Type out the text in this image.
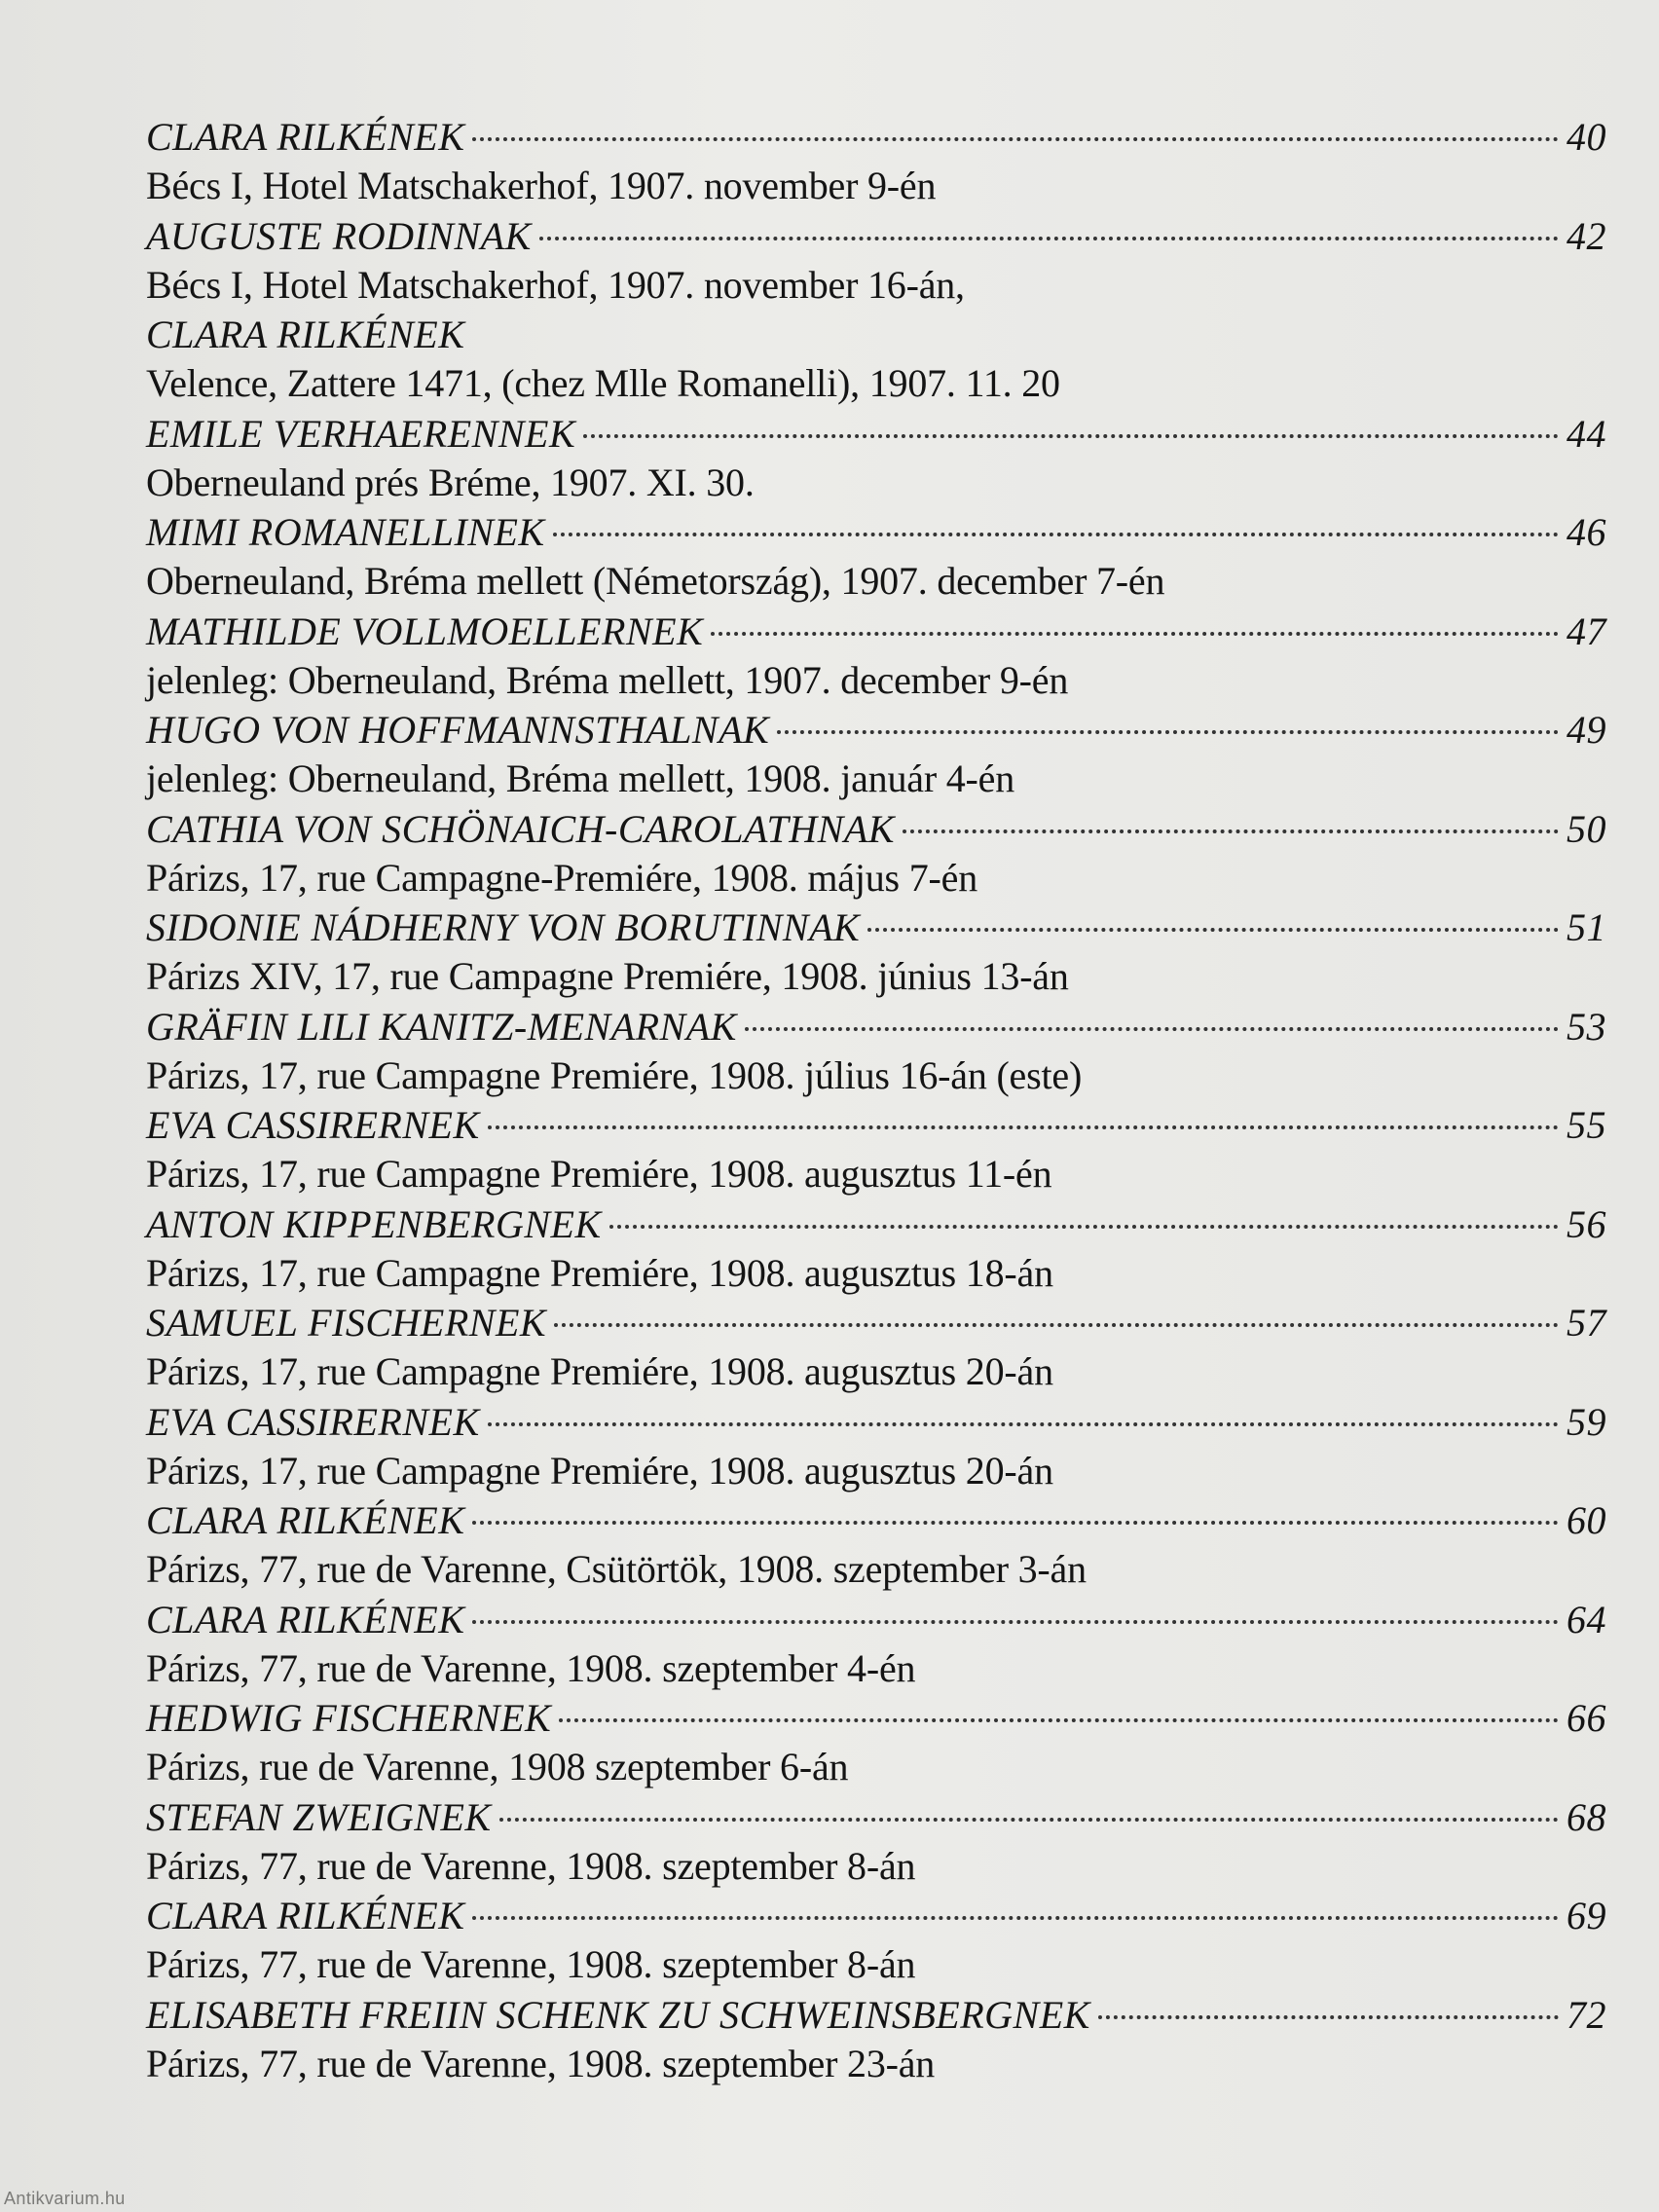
CLARA RILKÉNEK	40
Bécs I, Hotel Matschakerhof, 1907. november 9-én
AUGUSTE RODINNAK	42
Bécs I, Hotel Matschakerhof, 1907. november 16-án,
CLARA RILKÉNEK
Velence, Zattere 1471, (chez Mlle Romanelli), 1907. 11. 20
EMILE VERHAERENNEK	44
Oberneuland prés Bréme, 1907. XI. 30.
MIMI ROMANELLINEK	46
Oberneuland, Bréma mellett (Németország), 1907. december 7-én
MATHILDE VOLLMOELLERNEK	47
jelenleg: Oberneuland, Bréma mellett, 1907. december 9-én
HUGO VON HOFFMANNSTHALNAK	49
jelenleg: Oberneuland, Bréma mellett, 1908. január 4-én
CATHIA VON SCHÖNAICH-CAROLATHNAK	50
Párizs, 17, rue Campagne-Premiére, 1908. május 7-én
SIDONIE NÁDHERNY VON BORUTINNAK	51
Párizs XIV, 17, rue Campagne Premiére, 1908. június 13-án
GRÄFIN LILI KANITZ-MENARNAK	53
Párizs, 17, rue Campagne Premiére, 1908. július 16-án (este)
EVA CASSIRERNEK	55
Párizs, 17, rue Campagne Premiére, 1908. augusztus 11-én
ANTON KIPPENBERGNEK	56
Párizs, 17, rue Campagne Premiére, 1908. augusztus 18-án
SAMUEL FISCHERNEK	57
Párizs, 17, rue Campagne Premiére, 1908. augusztus 20-án
EVA CASSIRERNEK	59
Párizs, 17, rue Campagne Premiére, 1908. augusztus 20-án
CLARA RILKÉNEK	60
Párizs, 77, rue de Varenne, Csütörtök, 1908. szeptember 3-án
CLARA RILKÉNEK	64
Párizs, 77, rue de Varenne, 1908. szeptember 4-én
HEDWIG FISCHERNEK	66
Párizs, rue de Varenne, 1908 szeptember 6-án
STEFAN ZWEIGNEK	68
Párizs, 77, rue de Varenne, 1908. szeptember 8-án
CLARA RILKÉNEK	69
Párizs, 77, rue de Varenne, 1908. szeptember 8-án
ELISABETH FREIIN SCHENK ZU SCHWEINSBERGNEK	72
Párizs, 77, rue de Varenne, 1908. szeptember 23-án
Antikvarium.hu
